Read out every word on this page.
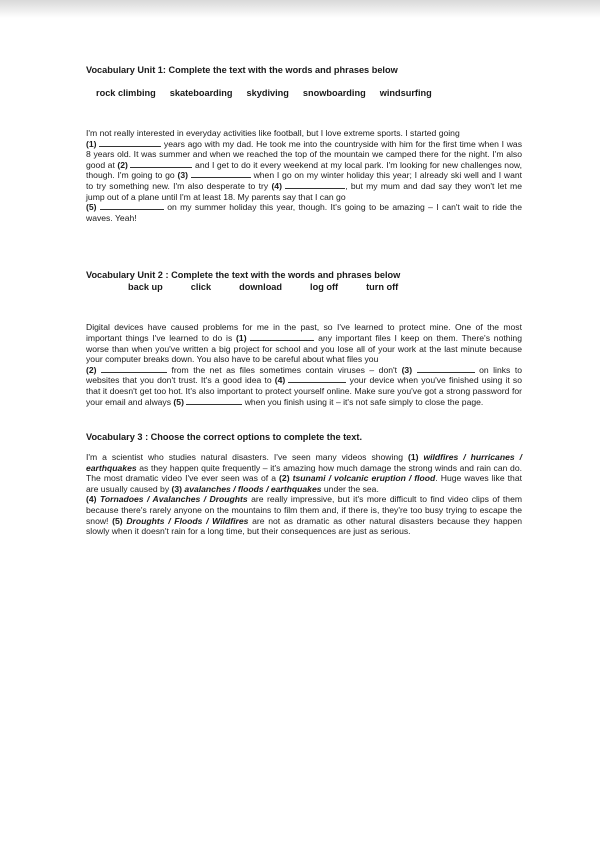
Vocabulary Unit 1: Complete the text with the words and phrases below

rock climbing skateboarding skydiving snowboarding windsurfing

I'm not really interested in everyday activities like football, but I love extreme sports. I started going
(1)	years ago with my dad. He took me into the countryside with him for the first time when I was 8 years old. It was summer and when we reached the top of the mountain we camped there for the night. I'm also good at (2)	and I get to do it every weekend at my local park. I'm looking for new challenges now, though. I'm going to go (3)	when I go on my winter holiday this year; I already ski well and I want to try something new. I'm also desperate to try (4)	, but my mum and dad say they won't let me jump out of a plane until I'm at least 18. My parents say that I can go
(5)	on my summer holiday this year, though. It's going to be amazing – I can't wait to ride the waves. Yeah!

Vocabulary Unit 2 : Complete the text with the words and phrases below

back up	click	download	log off	turn off

Digital devices have caused problems for me in the past, so I've learned to protect mine. One of the most important things I've learned to do is (1)	any important files I keep on them. There's nothing worse than when you've written a big project for school and you lose all of your work at the last minute because your computer breaks down. You also have to be careful about what files you
(2)	from the net as files sometimes contain viruses – don't (3)	on links to websites that you don't trust. It's a good idea to (4)	your device when you've finished using it so that it doesn't get too hot. It's also important to protect yourself online. Make sure you've got a strong password for your email and always (5)	when you finish using it – it's not safe simply to close the page.

Vocabulary 3 : Choose the correct options to complete the text.

I'm a scientist who studies natural disasters. I've seen many videos showing (1) wildfires / hurricanes / earthquakes as they happen quite frequently – it's amazing how much damage the strong winds and rain can do. The most dramatic video I've ever seen was of a (2) tsunami / volcanic eruption / flood. Huge waves like that are usually caused by (3) avalanches / floods / earthquakes under the sea.
(4) Tornadoes / Avalanches / Droughts are really impressive, but it's more difficult to find video clips of them because there's rarely anyone on the mountains to film them and, if there is, they're too busy trying to escape the snow! (5) Droughts / Floods / Wildfires are not as dramatic as other natural disasters because they happen slowly when it doesn't rain for a long time, but their consequences are just as serious.
